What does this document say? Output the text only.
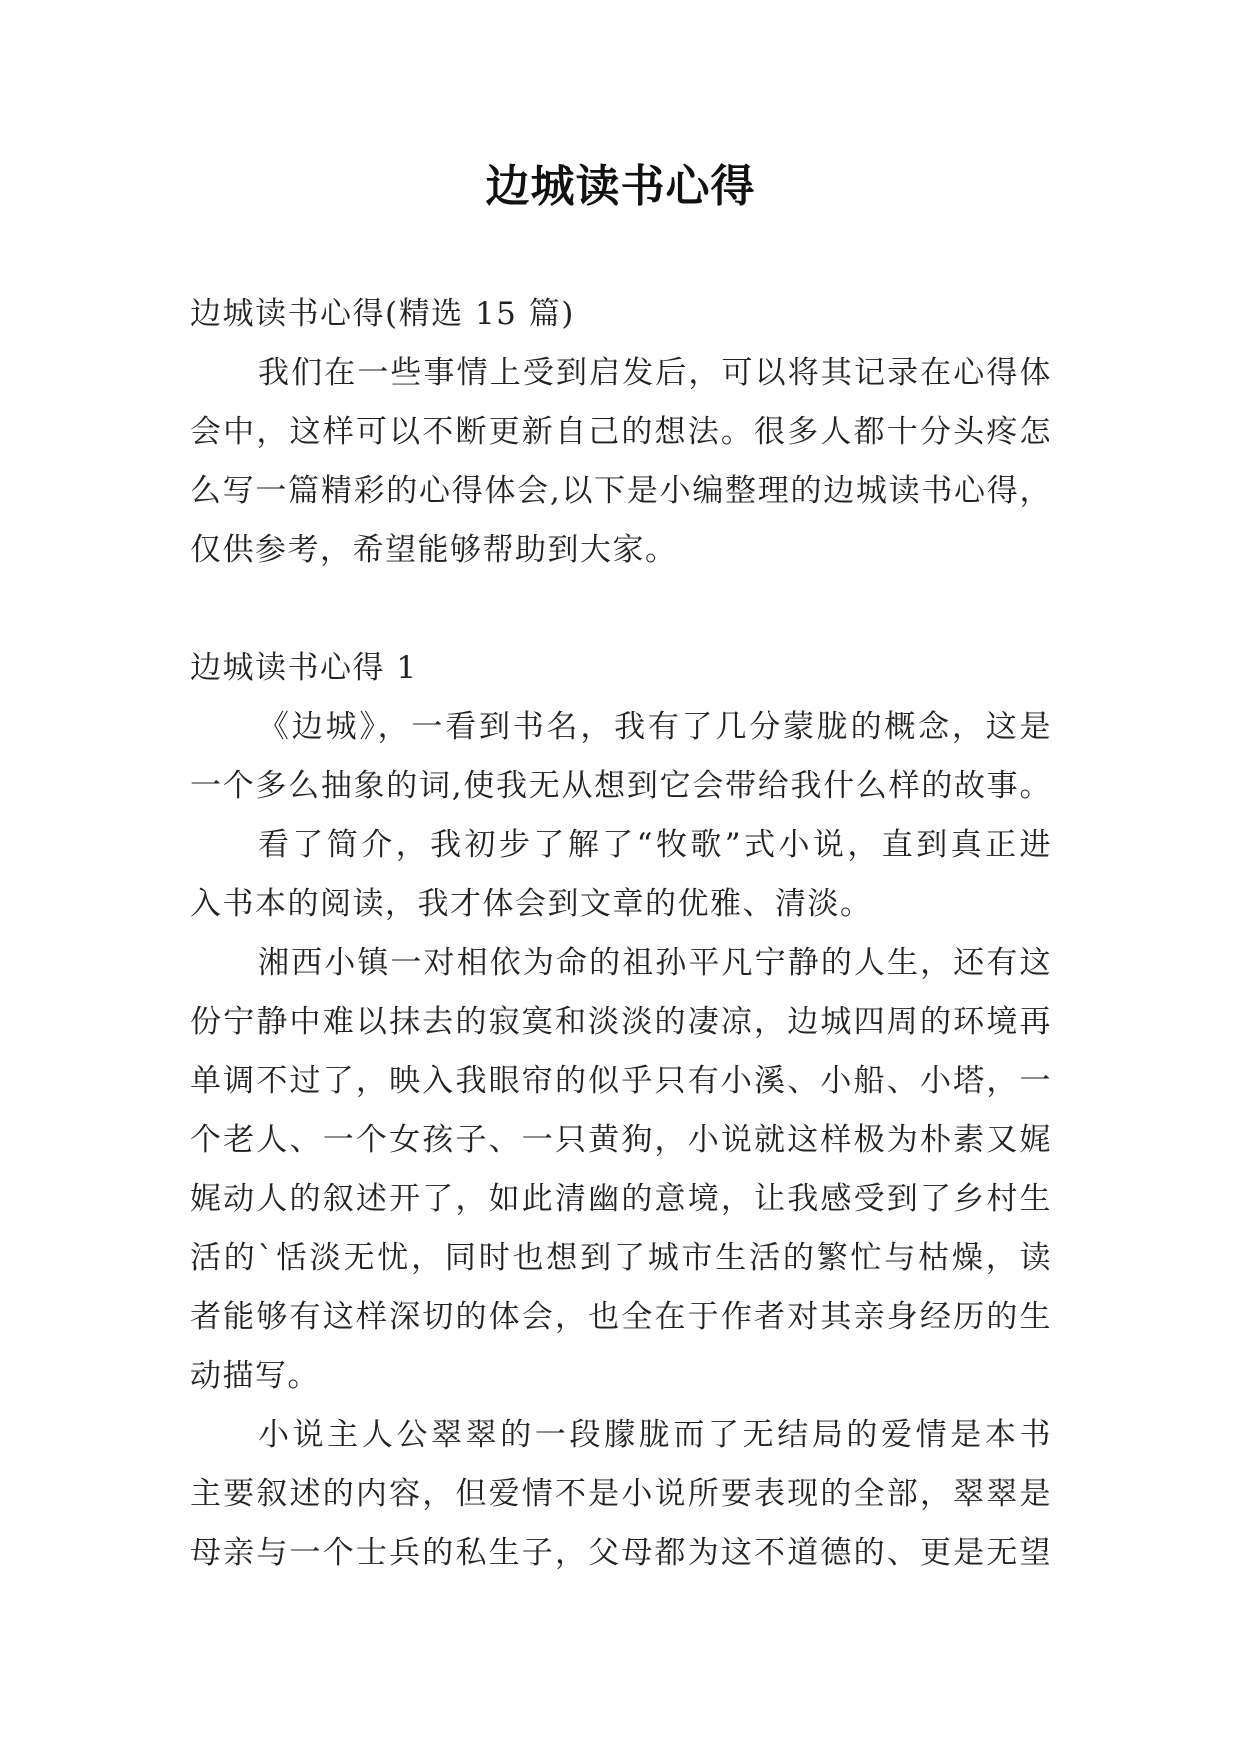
边城读书心得
边城读书心得(精选 15 篇)
我们在一些事情上受到启发后，可以将其记录在心得体
会中，这样可以不断更新自己的想法。很多人都十分头疼怎
么写一篇精彩的心得体会,以下是小编整理的边城读书心得，
仅供参考，希望能够帮助到大家。
边城读书心得 1
《边城》，一看到书名，我有了几分蒙胧的概念，这是
一个多么抽象的词,使我无从想到它会带给我什么样的故事。
看了简介，我初步了解了“牧歌”式小说，直到真正进
入书本的阅读，我才体会到文章的优雅、清淡。
湘西小镇一对相依为命的祖孙平凡宁静的人生，还有这
份宁静中难以抹去的寂寞和淡淡的凄凉，边城四周的环境再
单调不过了，映入我眼帘的似乎只有小溪、小船、小塔，一
个老人、一个女孩子、一只黄狗，小说就这样极为朴素又娓
娓动人的叙述开了，如此清幽的意境，让我感受到了乡村生
活的`恬淡无忧，同时也想到了城市生活的繁忙与枯燥，读
者能够有这样深切的体会，也全在于作者对其亲身经历的生
动描写。
小说主人公翠翠的一段朦胧而了无结局的爱情是本书
主要叙述的内容，但爱情不是小说所要表现的全部，翠翠是
母亲与一个士兵的私生子，父母都为这不道德的、更是无望
